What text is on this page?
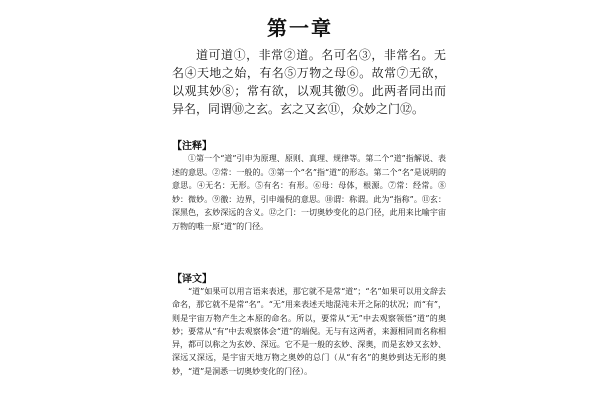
第一章

道可道①，非常②道。名可名③，非常名。无名④天地之始，有名⑤万物之母⑥。故常⑦无欲，以观其妙⑧；常有欲，以观其徼⑨。此两者同出而异名，同谓⑩之玄。玄之又玄⑪，众妙之门⑫。

【注释】

①第一个“道”引申为原理、原则、真理、规律等。第二个“道”指解说、表述的意思。②常：一般的。③第一个“名”指“道”的形态。第二个“名”是说明的意思。④无名：无形。⑤有名：有形。⑥母：母体，根源。⑦常：经常。⑧妙：微妙。⑨徼：边界，引申端倪的意思。⑩谓：称谓。此为“指称”。⑪玄：深黑色，玄妙深远的含义。⑫之门：一切奥妙变化的总门径，此用来比喻宇宙万物的唯一原“道”的门径。

【译文】

“道”如果可以用言语来表述，那它就不是常“道”；“名”如果可以用文辞去命名，那它就不是常“名”。“无”用来表述天地混沌未开之际的状况；而“有”，则是宇宙万物产生之本原的命名。所以，要常从“无”中去观察领悟“道”的奥妙；要常从“有”中去观察体会“道”的端倪。无与有这两者，来源相同而名称相异，都可以称之为玄妙、深远。它不是一般的玄妙、深奥，而是玄妙又玄妙、深远又深远，是宇宙天地万物之奥妙的总门（从“有名”的奥妙到达无形的奥妙，“道”是洞悉一切奥妙变化的门径）。
